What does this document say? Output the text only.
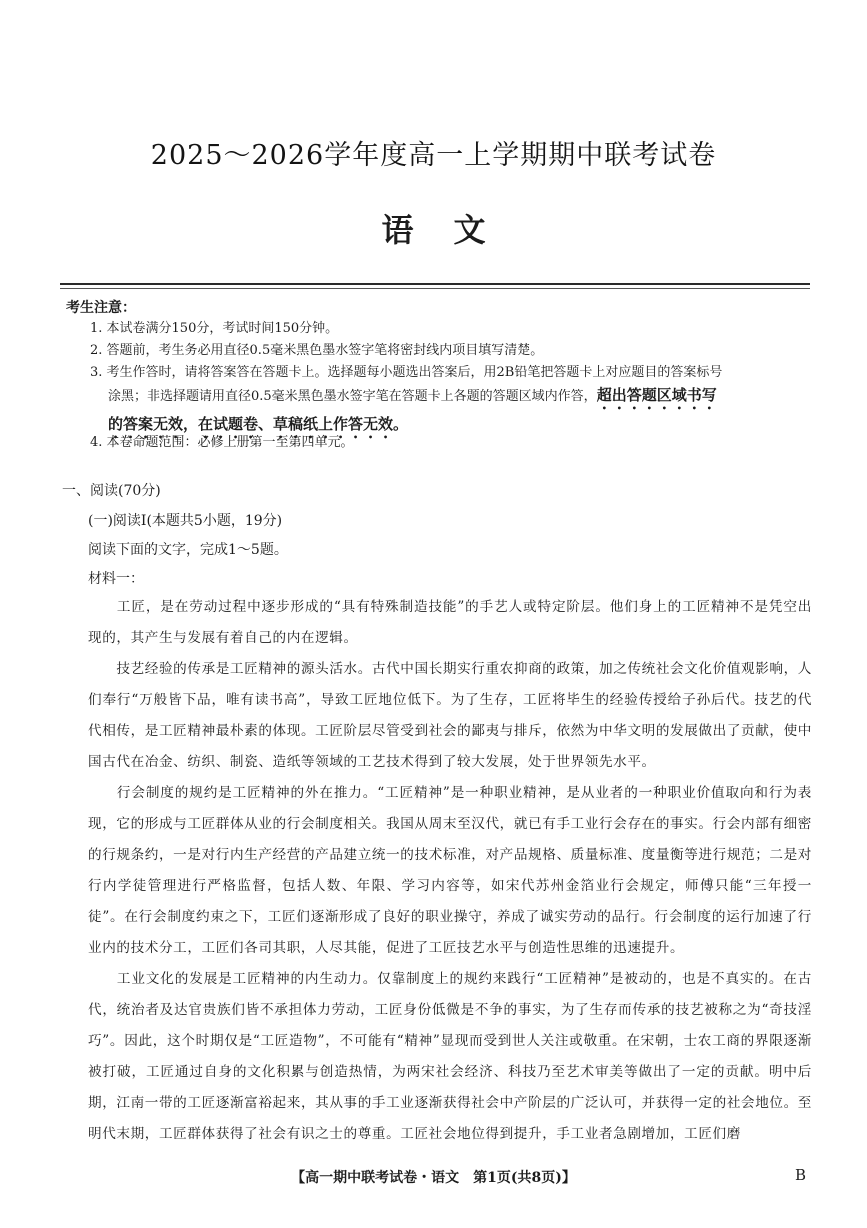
2025～2026学年度高一上学期期中联考试卷
语文
考生注意：
1. 本试卷满分150分，考试时间150分钟。
2. 答题前，考生务必用直径0.5毫米黑色墨水签字笔将密封线内项目填写清楚。
3. 考生作答时，请将答案答在答题卡上。选择题每小题选出答案后，用2B铅笔把答题卡上对应题目的答案标号
涂黑；非选择题请用直径0.5毫米黑色墨水签字笔在答题卡上各题的答题区域内作答，超出答题区域书写
的答案无效，在试题卷、草稿纸上作答无效。
4. 本卷命题范围：必修上册第一至第四单元。
一、阅读(70分)
(一)阅读Ⅰ(本题共5小题，19分)
阅读下面的文字，完成1～5题。
材料一：

　　工匠，是在劳动过程中逐步形成的“具有特殊制造技能”的手艺人或特定阶层。他们身上的工匠精神不是凭空出现的，其产生与发展有着自己的内在逻辑。

　　技艺经验的传承是工匠精神的源头活水。古代中国长期实行重农抑商的政策，加之传统社会文化价值观影响，人们奉行“万般皆下品，唯有读书高”，导致工匠地位低下。为了生存，工匠将毕生的经验传授给子孙后代。技艺的代代相传，是工匠精神最朴素的体现。工匠阶层尽管受到社会的鄙夷与排斥，依然为中华文明的发展做出了贡献，使中国古代在冶金、纺织、制瓷、造纸等领域的工艺技术得到了较大发展，处于世界领先水平。

　　行会制度的规约是工匠精神的外在推力。“工匠精神”是一种职业精神，是从业者的一种职业价值取向和行为表现，它的形成与工匠群体从业的行会制度相关。我国从周末至汉代，就已有手工业行会存在的事实。行会内部有细密的行规条约，一是对行内生产经营的产品建立统一的技术标准，对产品规格、质量标准、度量衡等进行规范；二是对行内学徒管理进行严格监督，包括人数、年限、学习内容等，如宋代苏州金箔业行会规定，师傅只能“三年授一徒”。在行会制度约束之下，工匠们逐渐形成了良好的职业操守，养成了诚实劳动的品行。行会制度的运行加速了行业内的技术分工，工匠们各司其职，人尽其能，促进了工匠技艺水平与创造性思维的迅速提升。

　　工业文化的发展是工匠精神的内生动力。仅靠制度上的规约来践行“工匠精神”是被动的，也是不真实的。在古代，统治者及达官贵族们皆不承担体力劳动，工匠身份低微是不争的事实，为了生存而传承的技艺被称之为“奇技淫巧”。因此，这个时期仅是“工匠造物”，不可能有“精神”显现而受到世人关注或敬重。在宋朝，士农工商的界限逐渐被打破，工匠通过自身的文化积累与创造热情，为两宋社会经济、科技乃至艺术审美等做出了一定的贡献。明中后期，江南一带的工匠逐渐富裕起来，其从事的手工业逐渐获得社会中产阶层的广泛认可，并获得一定的社会地位。至明代末期，工匠群体获得了社会有识之士的尊重。工匠社会地位得到提升，手工业者急剧增加，工匠们磨

【高一期中联考试卷・语文　第1页(共8页)】	B
